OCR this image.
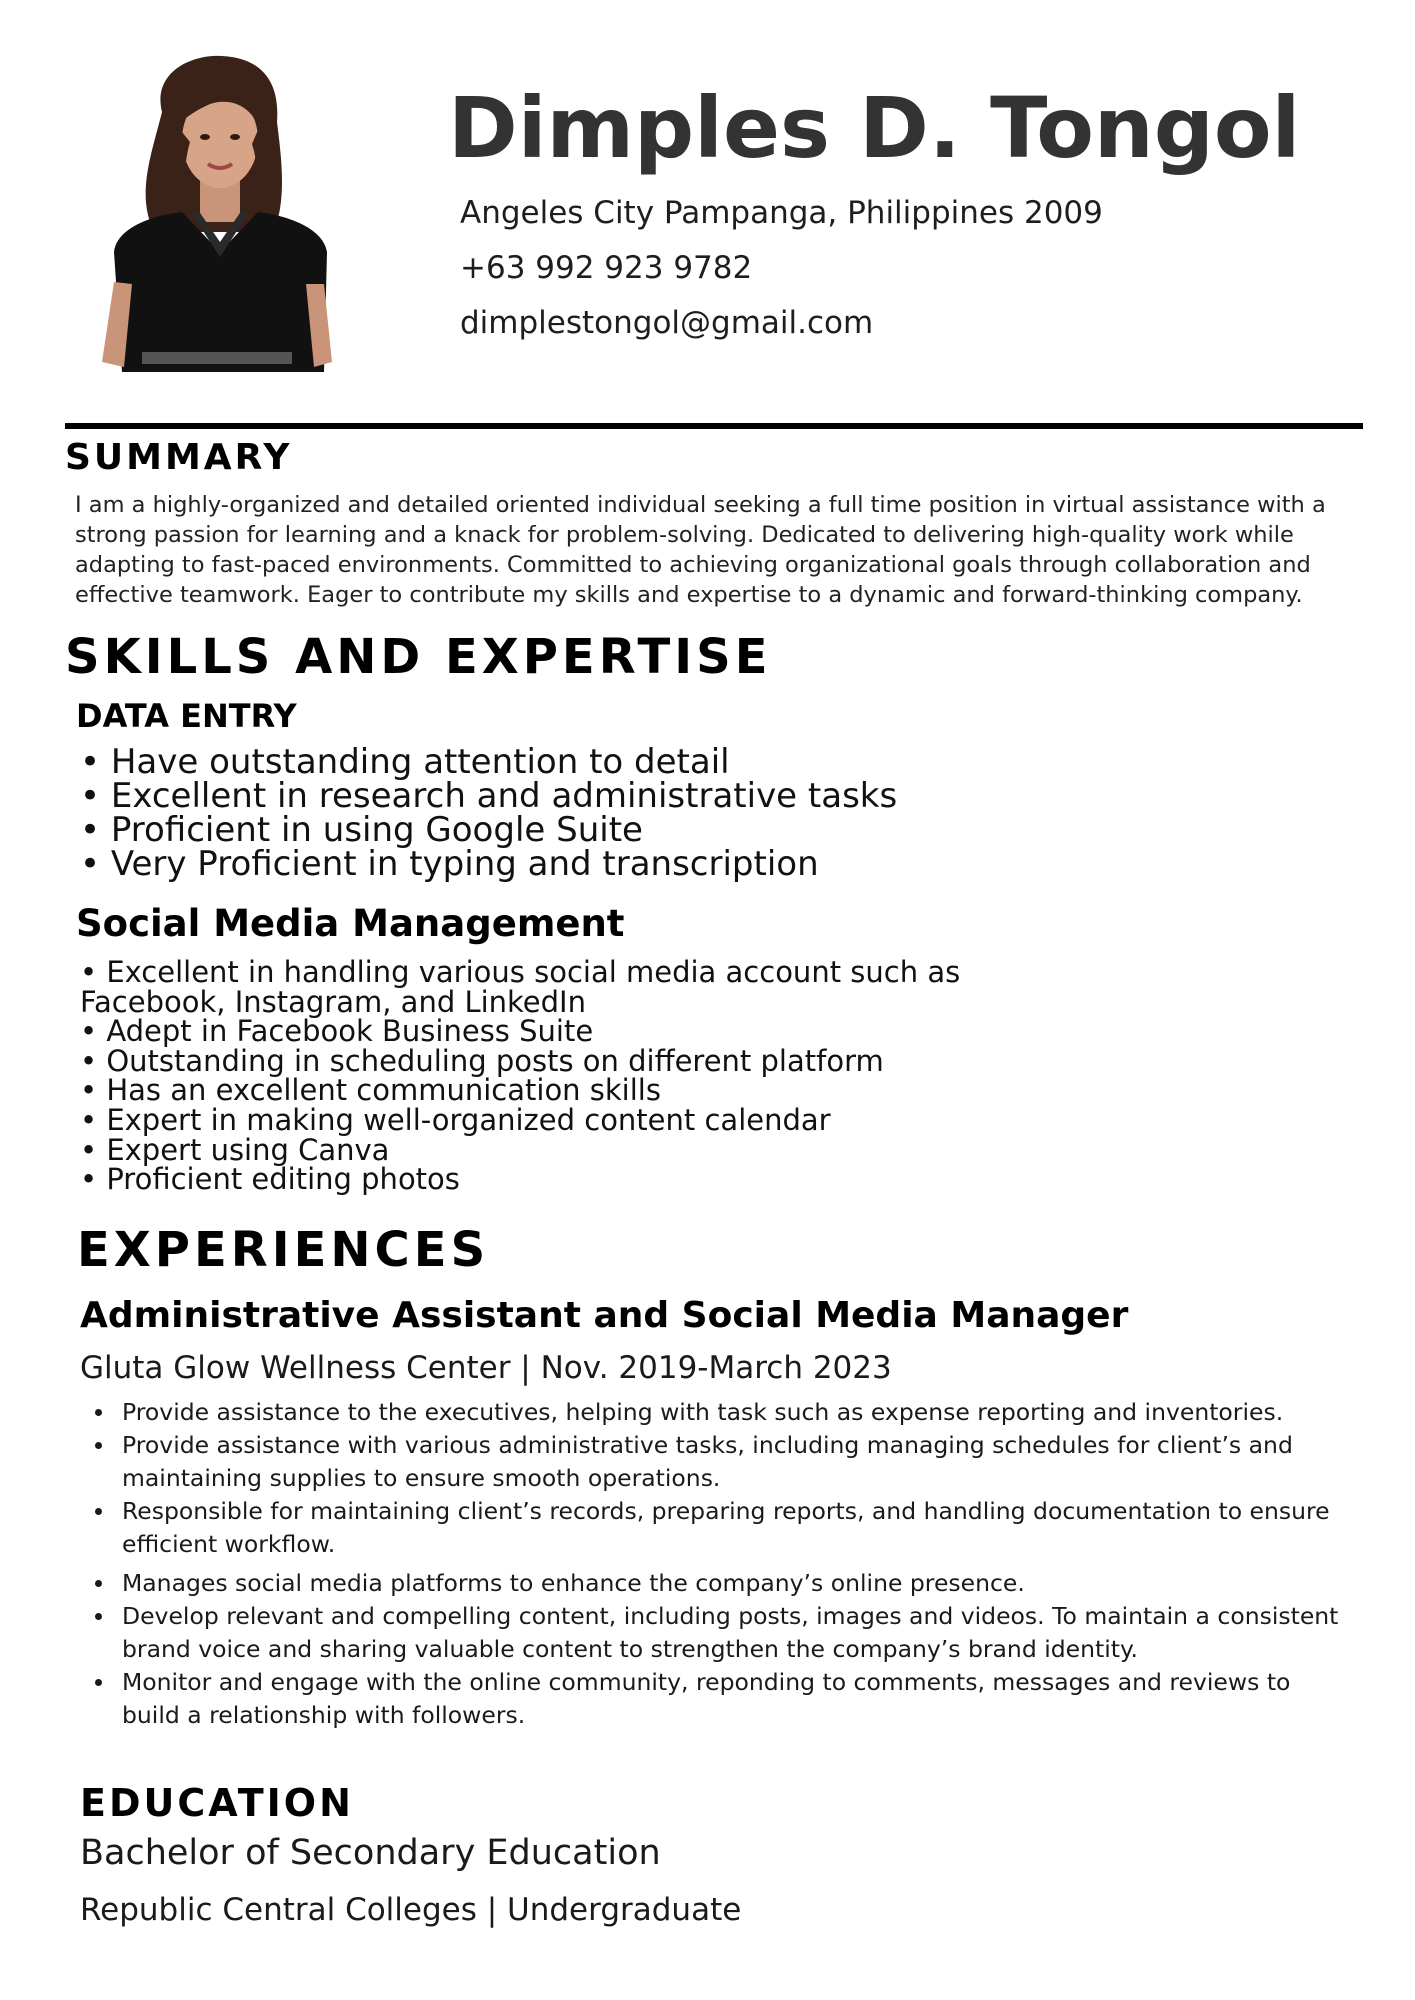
Dimples D. Tongol
Angeles City Pampanga, Philippines 2009
+63 992 923 9782
dimplestongol@gmail.com
SUMMARY
I am a highly-organized and detailed oriented individual seeking a full time position in virtual assistance with a strong passion for learning and a knack for problem-solving. Dedicated to delivering high-quality work while adapting to fast-paced environments. Committed to achieving organizational goals through collaboration and effective teamwork. Eager to contribute my skills and expertise to a dynamic and forward-thinking company.
SKILLS AND EXPERTISE
DATA ENTRY
• Have outstanding attention to detail
• Excellent in research and administrative tasks
• Proficient in using Google Suite
• Very Proficient in typing and transcription
Social Media Management
• Excellent in handling various social media account such as
Facebook, Instagram, and LinkedIn
• Adept in Facebook Business Suite
• Outstanding in scheduling posts on different platform
• Has an excellent communication skills
• Expert in making well-organized content calendar
• Expert using Canva
• Proficient editing photos
EXPERIENCES
Administrative Assistant and Social Media Manager
Gluta Glow Wellness Center | Nov. 2019-March 2023
Provide assistance to the executives, helping with task such as expense reporting and inventories.
Provide assistance with various administrative tasks, including managing schedules for client’s and maintaining supplies to ensure smooth operations.
Responsible for maintaining client’s records, preparing reports, and handling documentation to ensure efficient workflow.
Manages social media platforms to enhance the company’s online presence.
Develop relevant and compelling content, including posts, images and videos. To maintain a consistent brand voice and sharing valuable content to strengthen the company’s brand identity.
Monitor and engage with the online community, reponding to comments, messages and reviews to build a relationship with followers.
EDUCATION
Bachelor of Secondary Education
Republic Central Colleges | Undergraduate
